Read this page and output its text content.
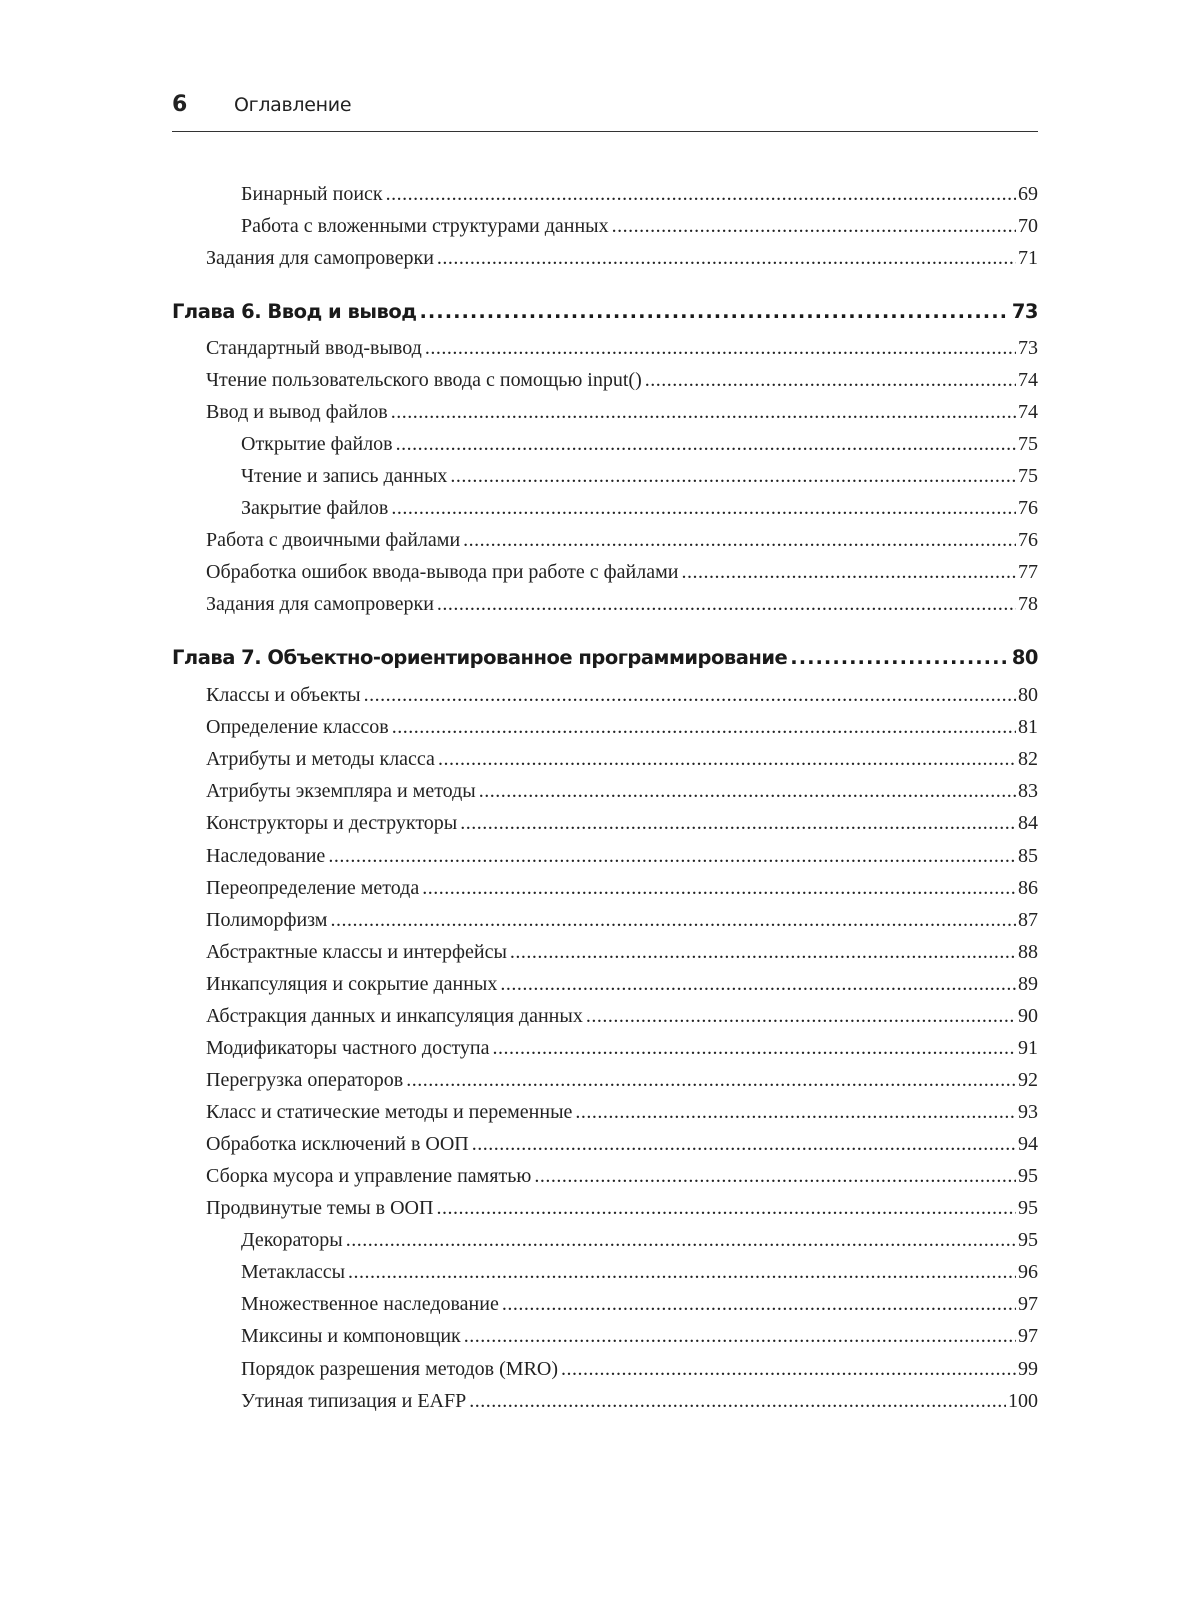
6 Оглавление
Бинарный поиск .....	69
Работа с вложенными структурами данных .....	70
Задания для самопроверки .....	71
Глава 6. Ввод и вывод .....	73
Стандартный ввод-вывод .....	73
Чтение пользовательского ввода с помощью input() .....	74
Ввод и вывод файлов .....	74
Открытие файлов .....	75
Чтение и запись данных .....	75
Закрытие файлов .....	76
Работа с двоичными файлами .....	76
Обработка ошибок ввода-вывода при работе с файлами .....	77
Задания для самопроверки .....	78
Глава 7. Объектно-ориентированное программирование .....	80
Классы и объекты .....	80
Определение классов .....	81
Атрибуты и методы класса .....	82
Атрибуты экземпляра и методы .....	83
Конструкторы и деструкторы .....	84
Наследование .....	85
Переопределение метода .....	86
Полиморфизм .....	87
Абстрактные классы и интерфейсы .....	88
Инкапсуляция и сокрытие данных .....	89
Абстракция данных и инкапсуляция данных .....	90
Модификаторы частного доступа .....	91
Перегрузка операторов .....	92
Класс и статические методы и переменные .....	93
Обработка исключений в ООП .....	94
Сборка мусора и управление памятью .....	95
Продвинутые темы в ООП .....	95
Декораторы .....	95
Метаклассы .....	96
Множественное наследование .....	97
Миксины и компоновщик .....	97
Порядок разрешения методов (MRO) .....	99
Утиная типизация и EAFP .....	100
